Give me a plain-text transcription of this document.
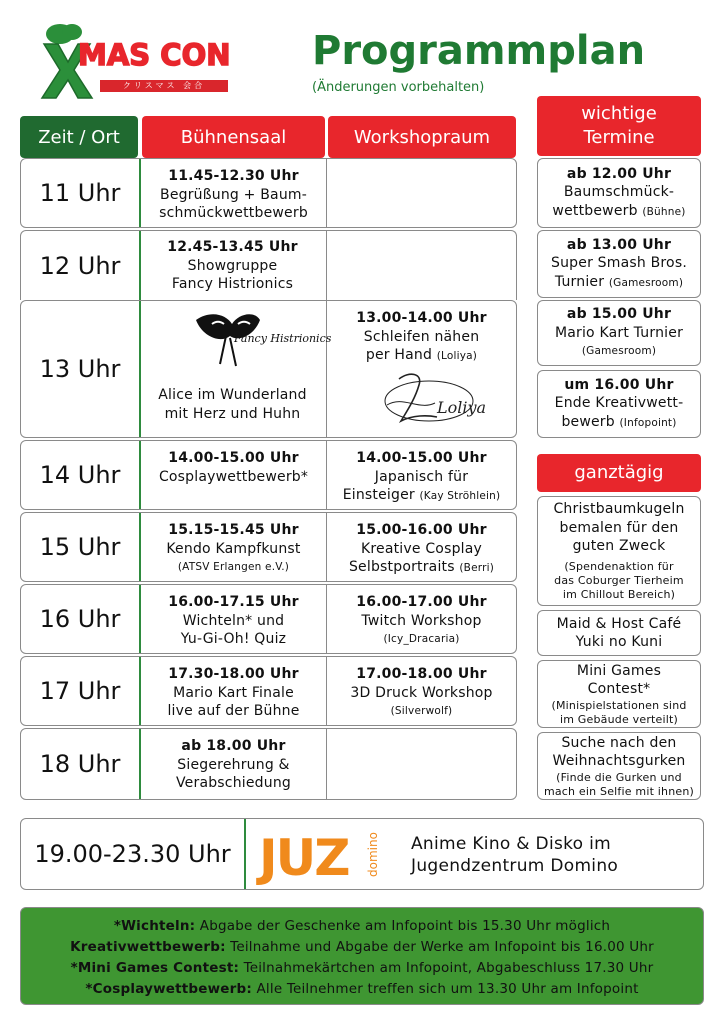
MAS CON
クリスマス 会合
Programmplan
(Änderungen vorbehalten)
Zeit / Ort	Bühnensaal	Workshopraum
wichtige
Termine
11 Uhr
11.45-12.30 Uhr
Begrüßung + Baum-
schmückwettbewerb
12 Uhr
13 Uhr
13.00-14.00 Uhr
Schleifen nähen
per Hand (Loliya)
Loliya
12.45-13.45 Uhr
Showgruppe
Fancy Histrionics
Fancy Histrionics
Alice im Wunderland
mit Herz und Huhn
14 Uhr
14.00-15.00 Uhr
Cosplaywettbewerb*
14.00-15.00 Uhr
Japanisch für
Einsteiger (Kay Ströhlein)
15 Uhr
15.15-15.45 Uhr
Kendo Kampfkunst
(ATSV Erlangen e.V.)
15.00-16.00 Uhr
Kreative Cosplay
Selbstportraits (Berri)
16 Uhr
16.00-17.15 Uhr
Wichteln* und
Yu-Gi-Oh! Quiz
16.00-17.00 Uhr
Twitch Workshop
(Icy_Dracaria)
17 Uhr
17.30-18.00 Uhr
Mario Kart Finale
live auf der Bühne
17.00-18.00 Uhr
3D Druck Workshop
(Silverwolf)
18 Uhr
ab 18.00 Uhr
Siegerehrung &
Verabschiedung
ab 12.00 Uhr
Baumschmück-
wettbewerb (Bühne)
ab 13.00 Uhr
Super Smash Bros.
Turnier (Gamesroom)
ab 15.00 Uhr
Mario Kart Turnier
(Gamesroom)
um 16.00 Uhr
Ende Kreativwett-
bewerb (Infopoint)
ganztägig
Christbaumkugeln
bemalen für den
guten Zweck
(Spendenaktion für
das Coburger Tierheim
im Chillout Bereich)
Maid & Host Café
Yuki no Kuni
Mini Games
Contest*
(Minispielstationen sind
im Gebäude verteilt)
Suche nach den
Weihnachtsgurken
(Finde die Gurken und
mach ein Selfie mit ihnen)
19.00-23.30 Uhr JUZ domino Anime Kino & Disko im
Jugendzentrum Domino
*Wichteln: Abgabe der Geschenke am Infopoint bis 15.30 Uhr möglich
Kreativwettbewerb: Teilnahme und Abgabe der Werke am Infopoint bis 16.00 Uhr
*Mini Games Contest: Teilnahmekärtchen am Infopoint, Abgabeschluss 17.30 Uhr
*Cosplaywettbewerb: Alle Teilnehmer treffen sich um 13.30 Uhr am Infopoint
